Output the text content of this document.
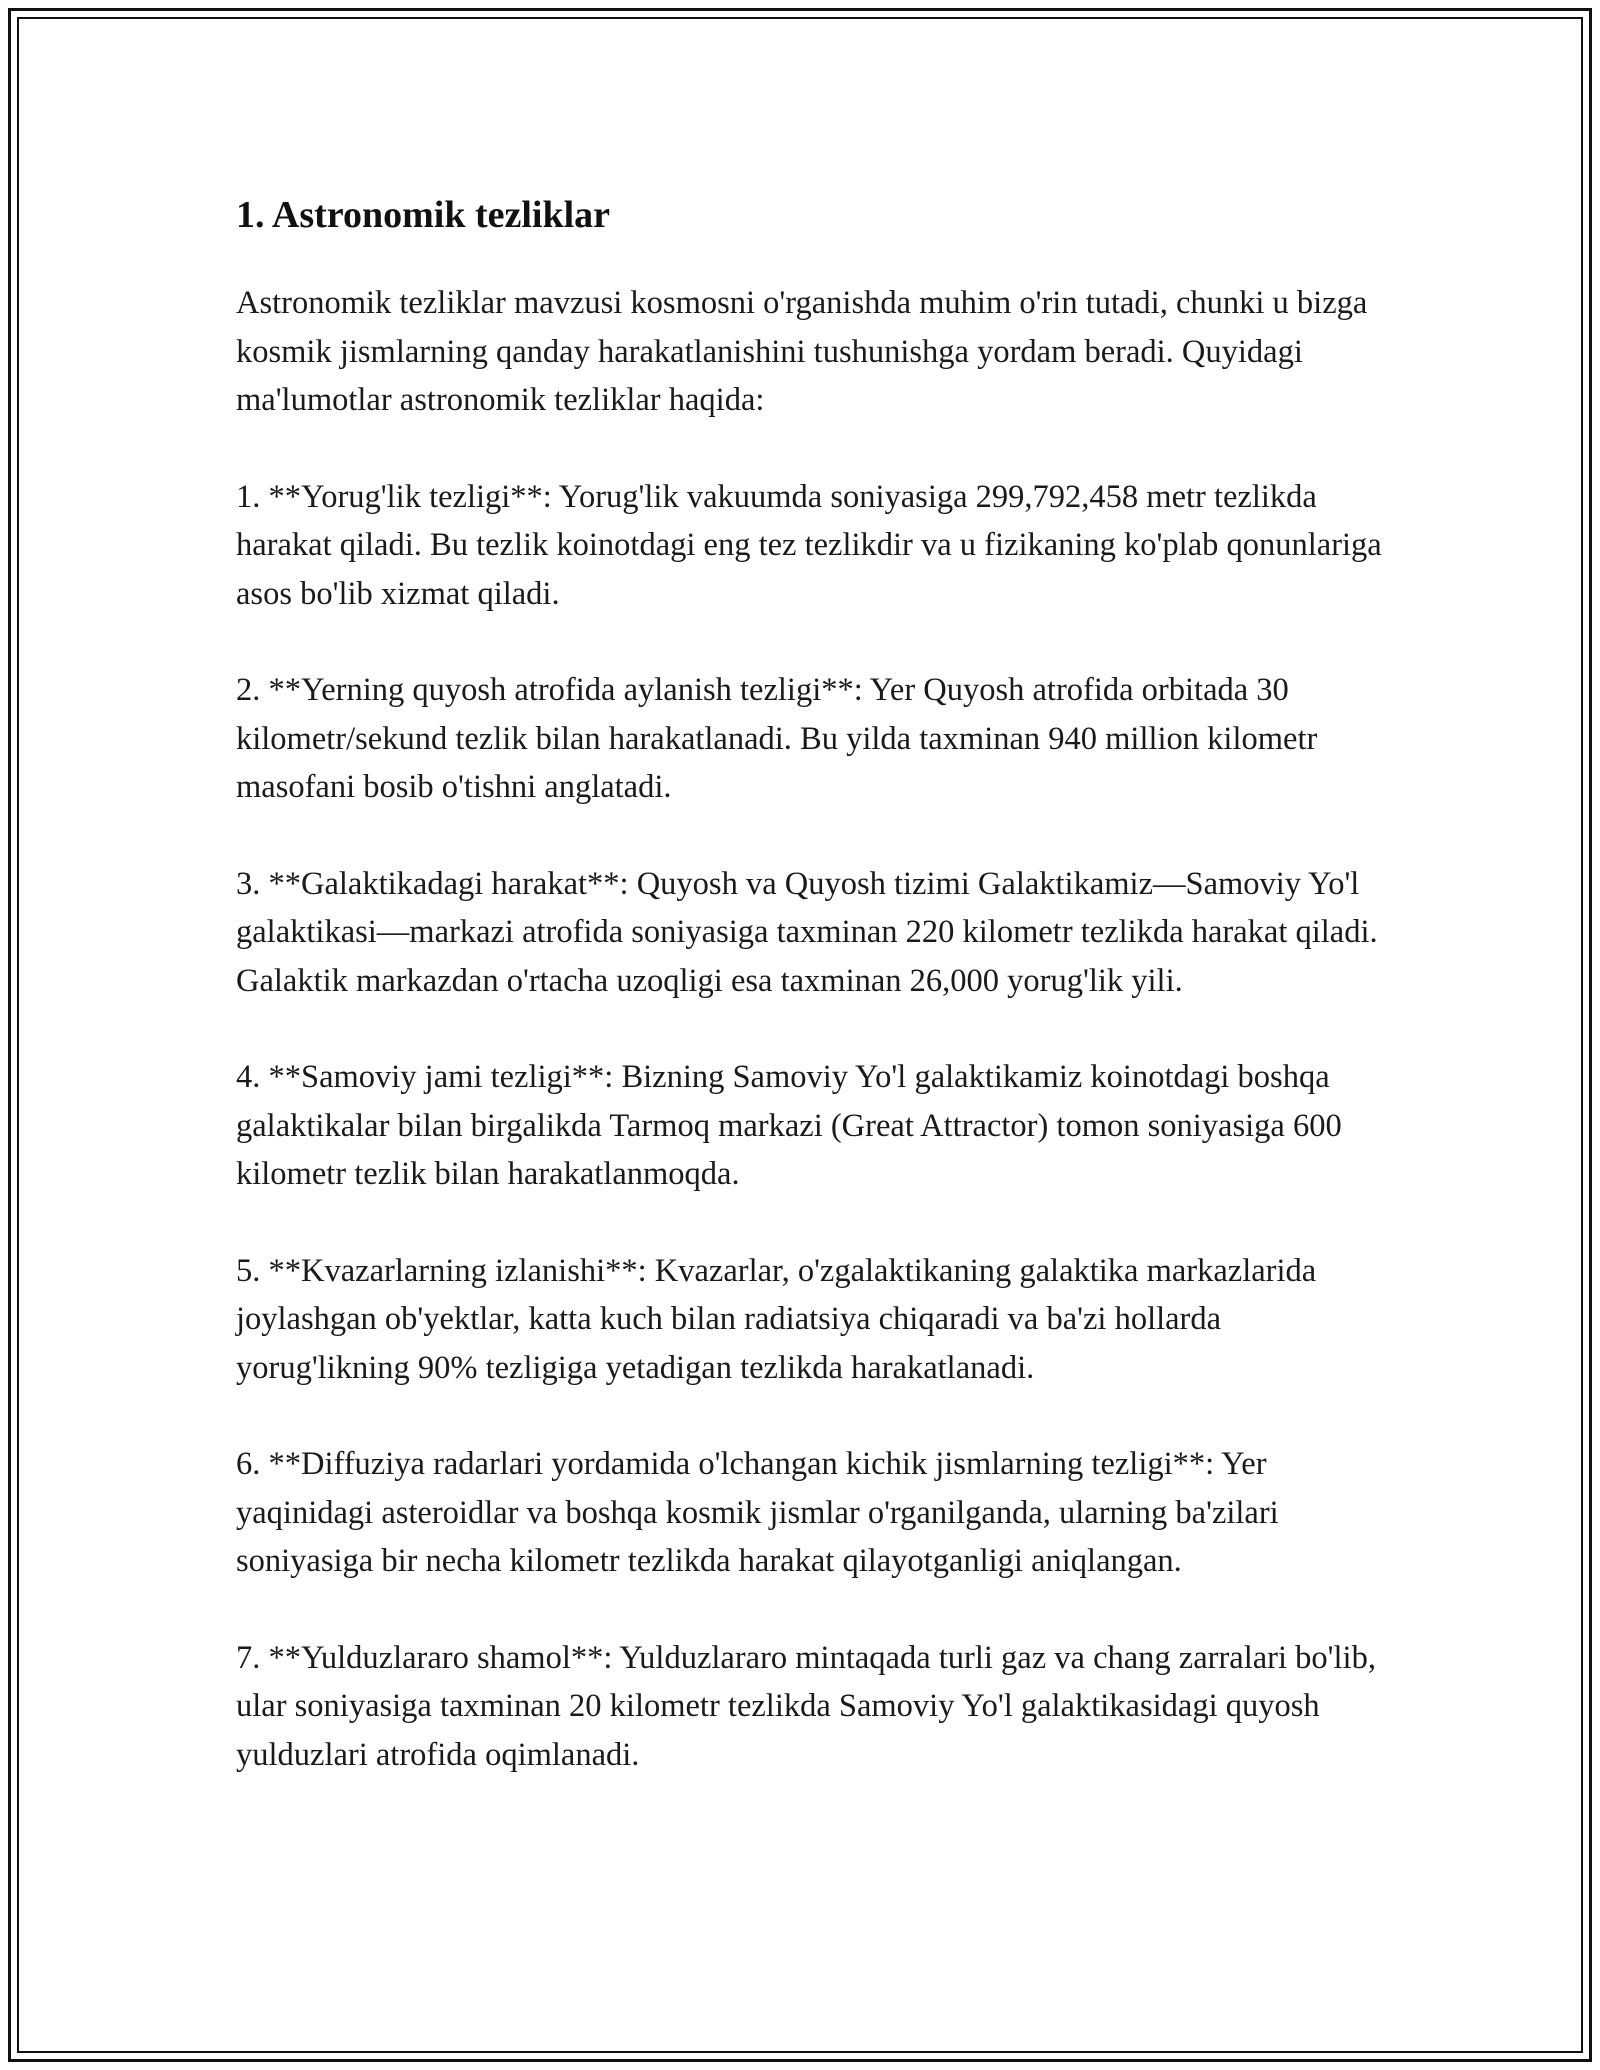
1. Astronomik tezliklar

Astronomik tezliklar mavzusi kosmosni o'rganishda muhim o'rin tutadi, chunki u bizga kosmik jismlarning qanday harakatlanishini tushunishga yordam beradi. Quyidagi ma'lumotlar astronomik tezliklar haqida:

1. **Yorug'lik tezligi**: Yorug'lik vakuumda soniyasiga 299,792,458 metr tezlikda harakat qiladi. Bu tezlik koinotdagi eng tez tezlikdir va u fizikaning ko'plab qonunlariga asos bo'lib xizmat qiladi.

2. **Yerning quyosh atrofida aylanish tezligi**: Yer Quyosh atrofida orbitada 30 kilometr/sekund tezlik bilan harakatlanadi. Bu yilda taxminan 940 million kilometr masofani bosib o'tishni anglatadi.

3. **Galaktikadagi harakat**: Quyosh va Quyosh tizimi Galaktikamiz—Samoviy Yo'l galaktikasi—markazi atrofida soniyasiga taxminan 220 kilometr tezlikda harakat qiladi. Galaktik markazdan o'rtacha uzoqligi esa taxminan 26,000 yorug'lik yili.

4. **Samoviy jami tezligi**: Bizning Samoviy Yo'l galaktikamiz koinotdagi boshqa galaktikalar bilan birgalikda Tarmoq markazi (Great Attractor) tomon soniyasiga 600 kilometr tezlik bilan harakatlanmoqda.

5. **Kvazarlarning izlanishi**: Kvazarlar, o'zgalaktikaning galaktika markazlarida joylashgan ob'yektlar, katta kuch bilan radiatsiya chiqaradi va ba'zi hollarda yorug'likning 90% tezligiga yetadigan tezlikda harakatlanadi.

6. **Diffuziya radarlari yordamida o'lchangan kichik jismlarning tezligi**: Yer yaqinidagi asteroidlar va boshqa kosmik jismlar o'rganilganda, ularning ba'zilari soniyasiga bir necha kilometr tezlikda harakat qilayotganligi aniqlangan.

7. **Yulduzlararo shamol**: Yulduzlararo mintaqada turli gaz va chang zarralari bo'lib, ular soniyasiga taxminan 20 kilometr tezlikda Samoviy Yo'l galaktikasidagi quyosh yulduzlari atrofida oqimlanadi.
